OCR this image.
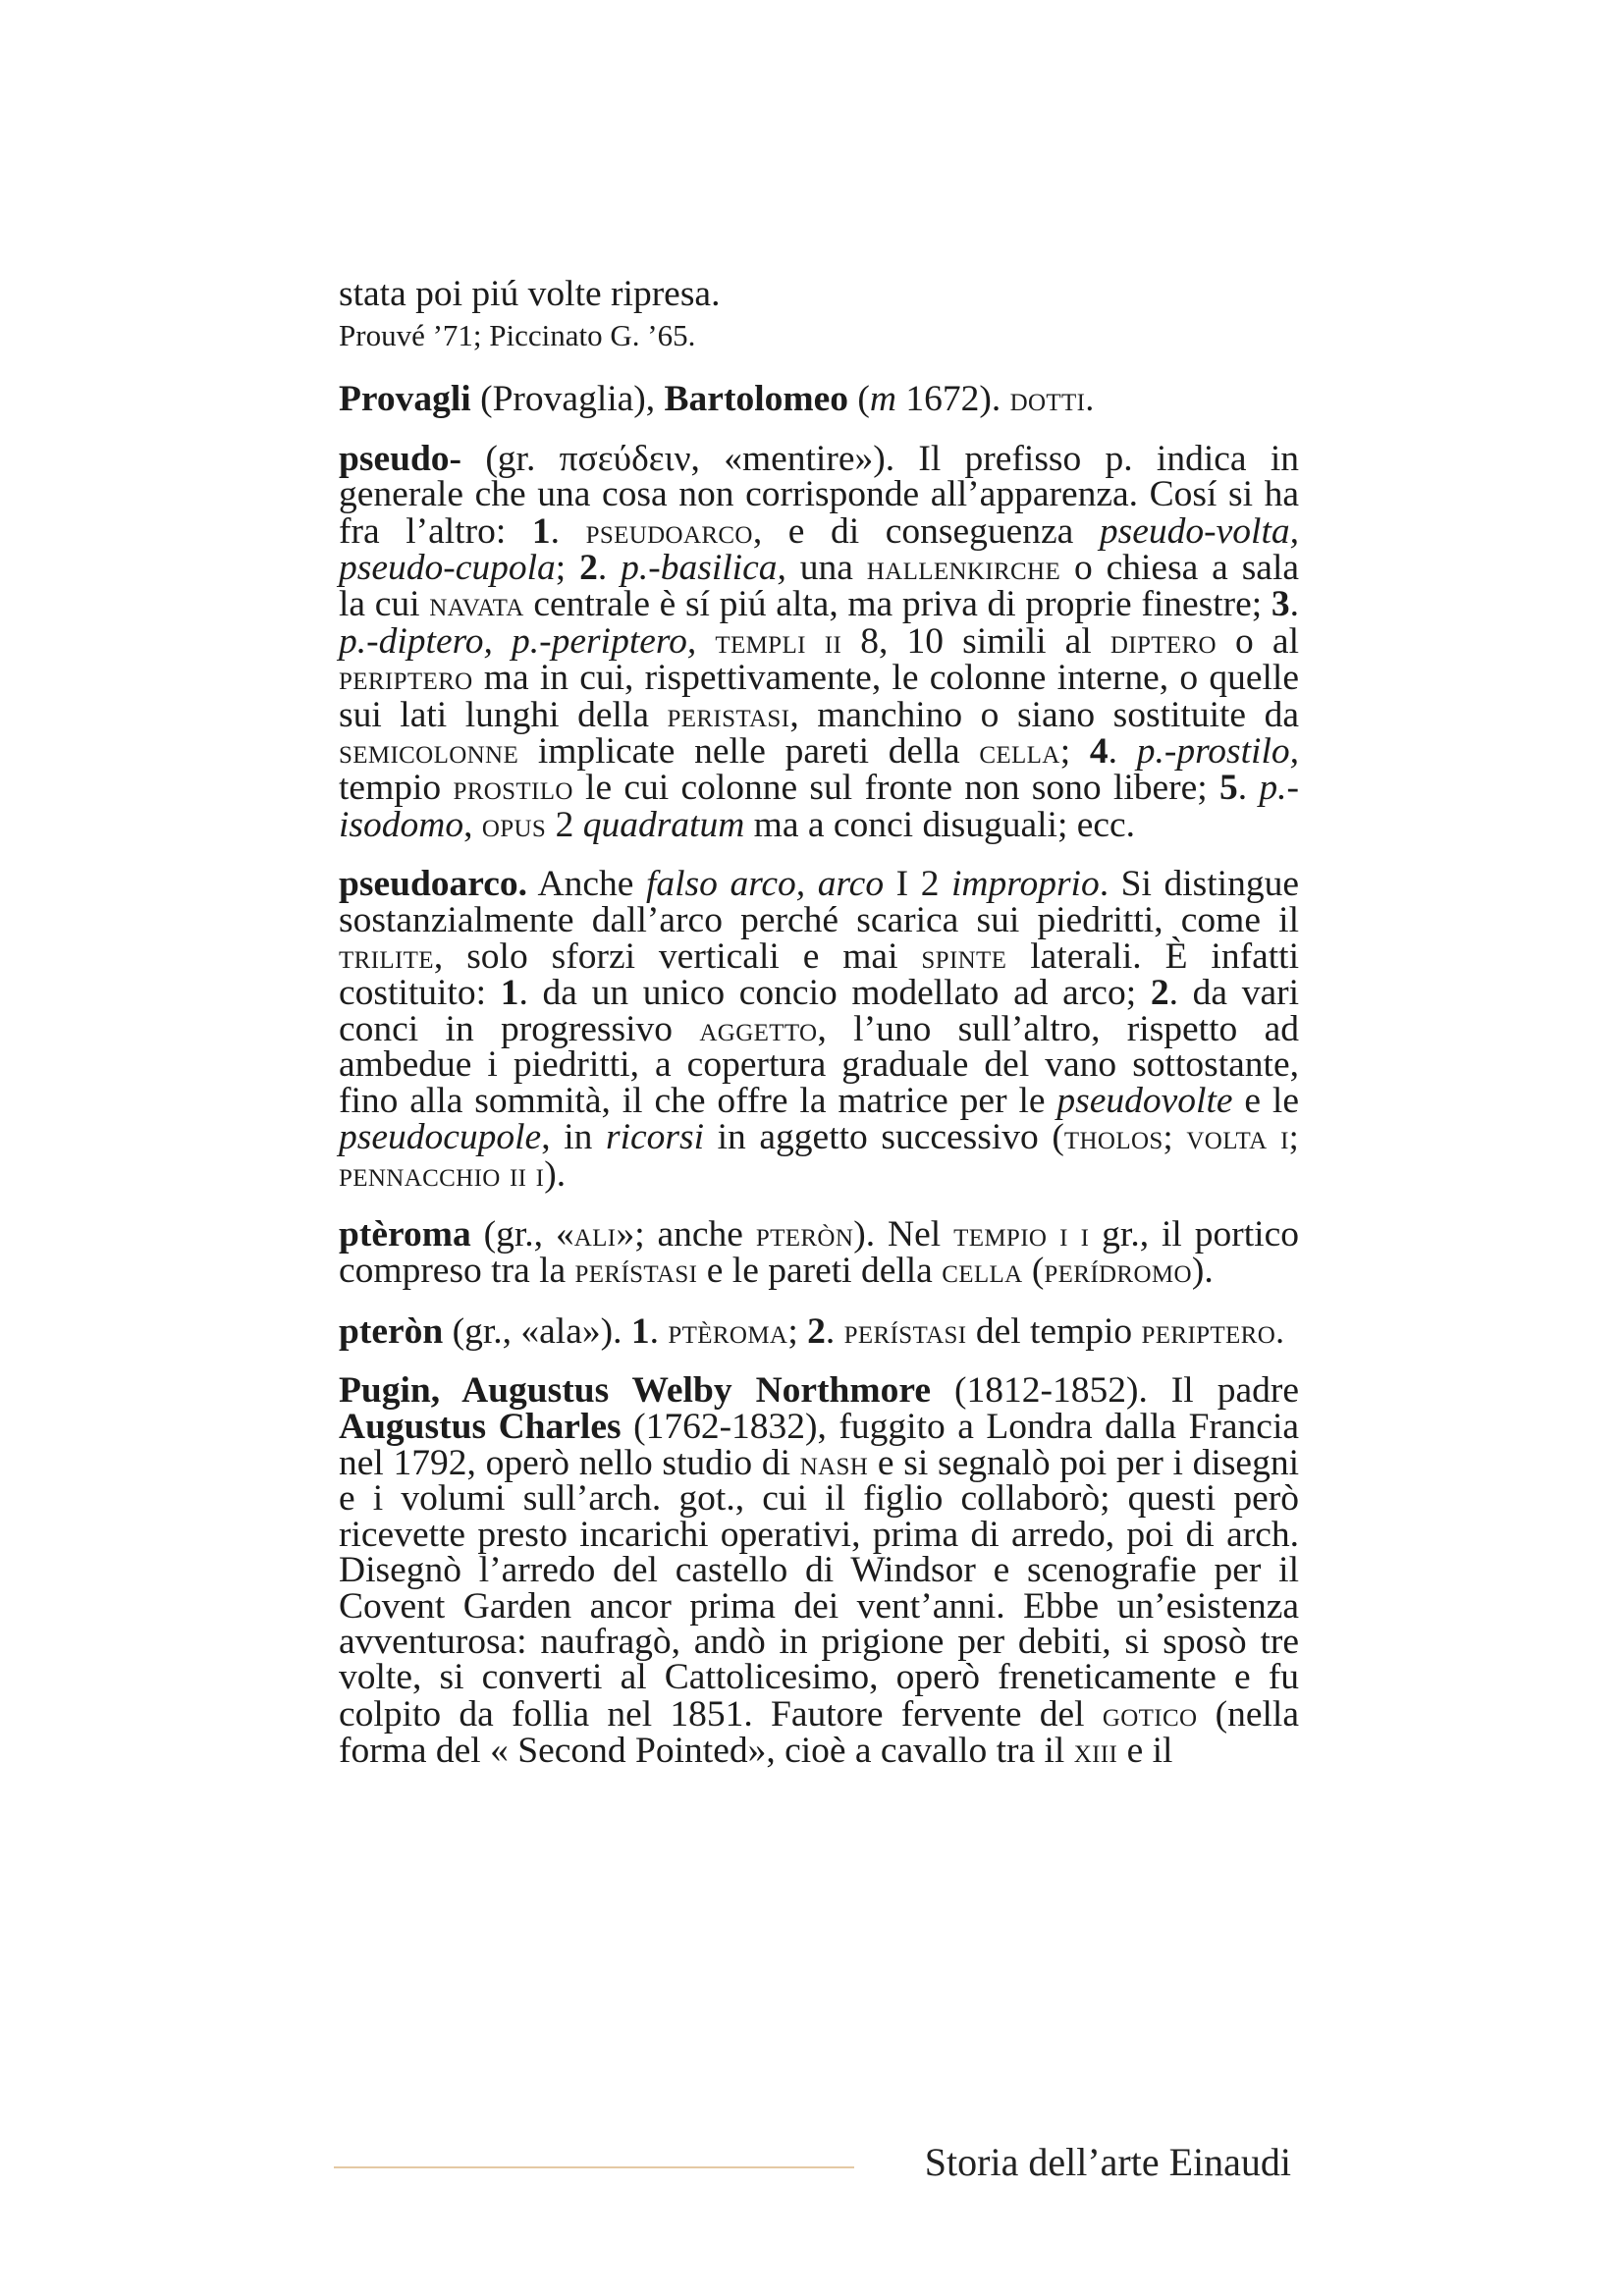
stata poi piú volte ripresa.

Prouvé ’71; Piccinato G. ’65.

Provagli (Provaglia), Bartolomeo (m 1672). dotti.

pseudo- (gr. πσεύδειν, «mentire»). Il prefisso p. indica in generale che una cosa non corrisponde all’apparenza. Cosí si ha fra l’altro: 1. pseudoarco, e di conseguenza pseudo-volta, pseudo-cupola; 2. p.-basilica, una hallenkirche o chiesa a sala la cui navata centrale è sí piú alta, ma priva di proprie finestre; 3. p.-diptero, p.-periptero, templi ii 8, 10 simili al diptero o al periptero ma in cui, rispettivamente, le colonne interne, o quelle sui lati lunghi della peristasi, manchino o siano sostituite da semicolonne implicate nelle pareti della cella; 4. p.-prostilo, tempio prostilo le cui colonne sul fronte non sono libere; 5. p.-isodomo, opus 2 quadratum ma a conci disuguali; ecc.

pseudoarco. Anche falso arco, arco I 2 improprio. Si distingue sostanzialmente dall’arco perché scarica sui piedritti, come il trilite, solo sforzi verticali e mai spinte laterali. È infatti costituito: 1. da un unico concio modellato ad arco; 2. da vari conci in progressivo aggetto, l’uno sull’altro, rispetto ad ambedue i piedritti, a copertura graduale del vano sottostante, fino alla sommità, il che offre la matrice per le pseudovolte e le pseudocupole, in ricorsi in aggetto successivo (tholos; volta i; pennacchio ii i).

ptèroma (gr., «ali»; anche pteròn). Nel tempio i i gr., il portico compreso tra la perístasi e le pareti della cella (perídromo).

pteròn (gr., «ala»). 1. ptèroma; 2. perístasi del tempio periptero.

Pugin, Augustus Welby Northmore (1812-1852). Il padre Augustus Charles (1762-1832), fuggito a Londra dalla Francia nel 1792, operò nello studio di nash e si segnalò poi per i disegni e i volumi sull’arch. got., cui il figlio collaborò; questi però ricevette presto incarichi operativi, prima di arredo, poi di arch. Disegnò l’arredo del castello di Windsor e scenografie per il Covent Garden ancor prima dei vent’anni. Ebbe un’esistenza avventurosa: naufragò, andò in prigione per debiti, si sposò tre volte, si converti al Cattolicesimo, operò freneticamente e fu colpito da follia nel 1851. Fautore fervente del gotico (nella forma del « Second Pointed», cioè a cavallo tra il xiii e il

Storia dell’arte Einaudi
